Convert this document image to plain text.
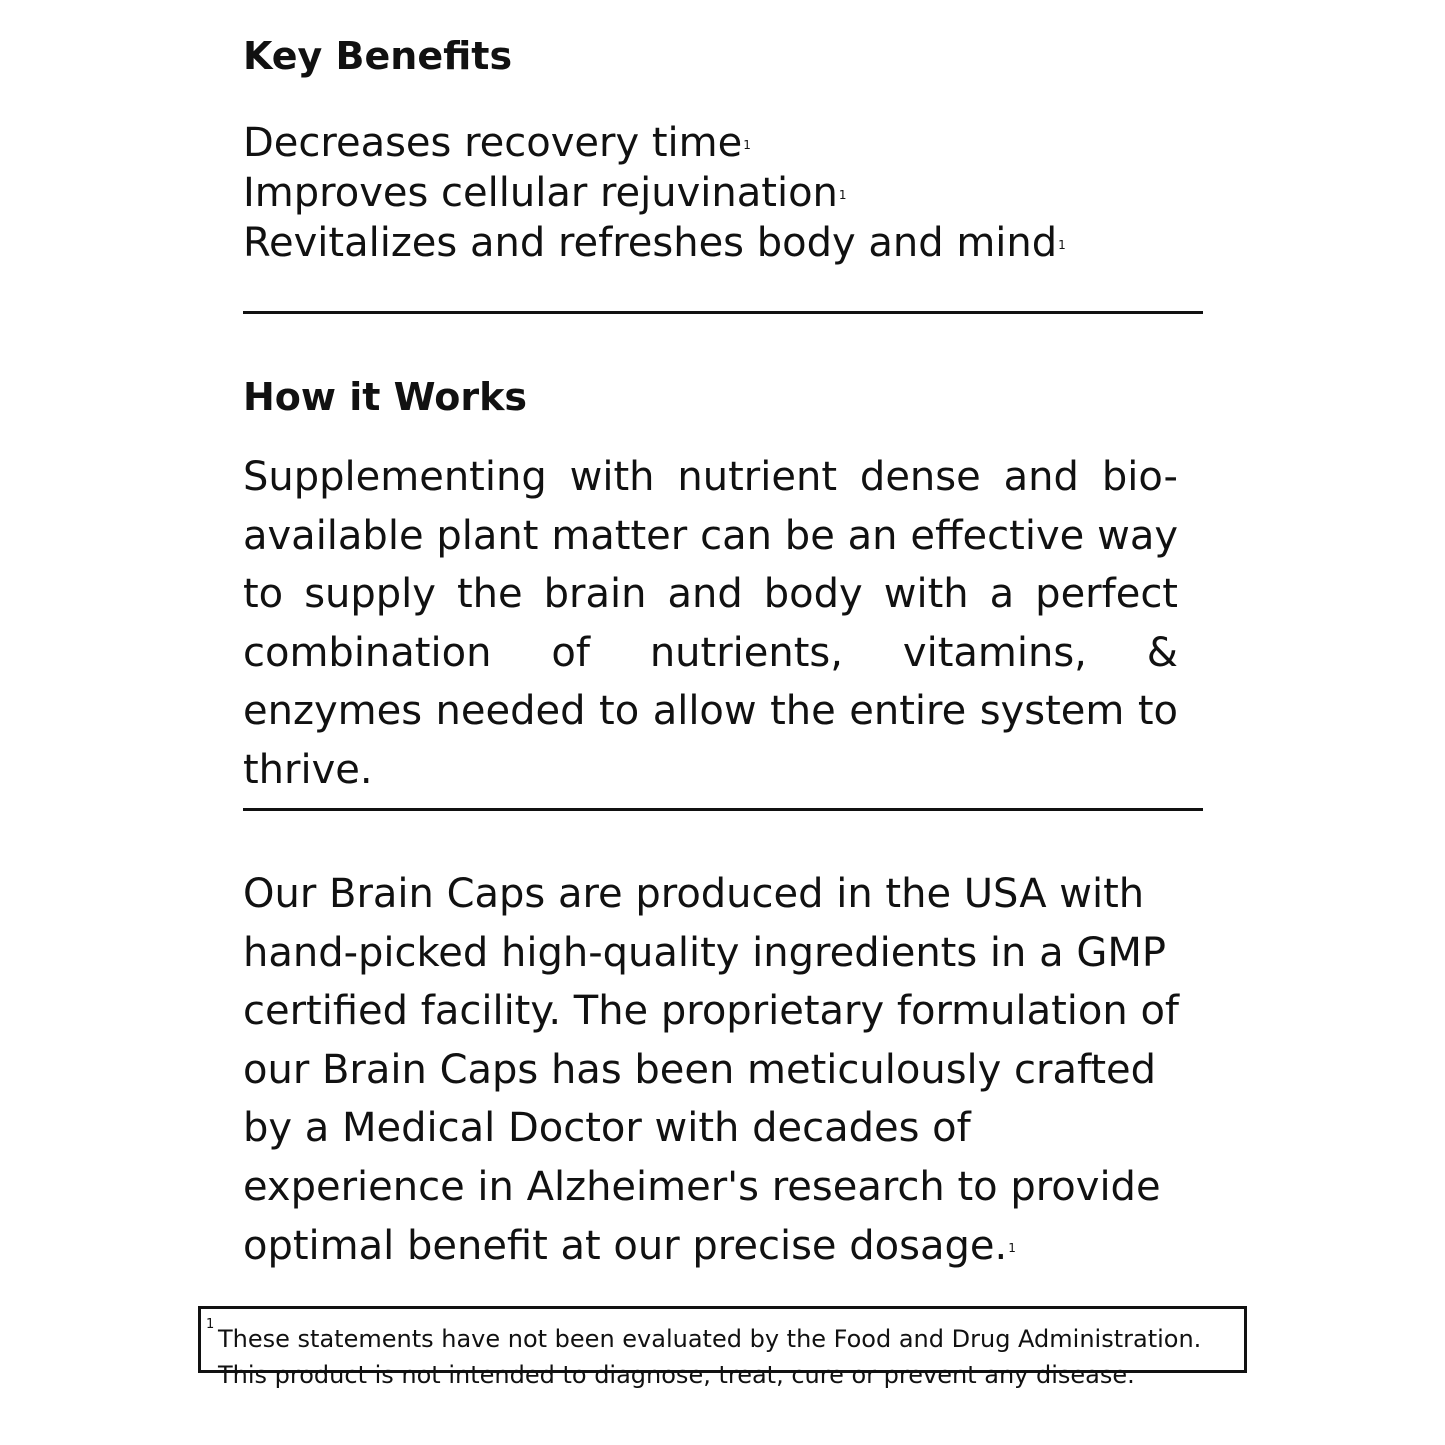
Key Benefits
Decreases recovery time$^1$
Improves cellular rejuvination$^1$
Revitalizes and refreshes body and mind$^1$
How it Works

Supplementing with nutrient dense and bio-available plant matter can be an effective way to supply the brain and body with a perfect combination of nutrients, vitamins, & enzymes needed to allow the entire system to thrive.

Our Brain Caps are produced in the USA with hand-picked high-quality ingredients in a GMP certified facility. The proprietary formulation of our Brain Caps has been meticulously crafted by a Medical Doctor with decades of experience in Alzheimer's research to provide optimal benefit at our precise dosage.$^1$

1

These statements have not been evaluated by the Food and Drug Administration.
This product is not intended to diagnose, treat, cure or prevent any disease.
